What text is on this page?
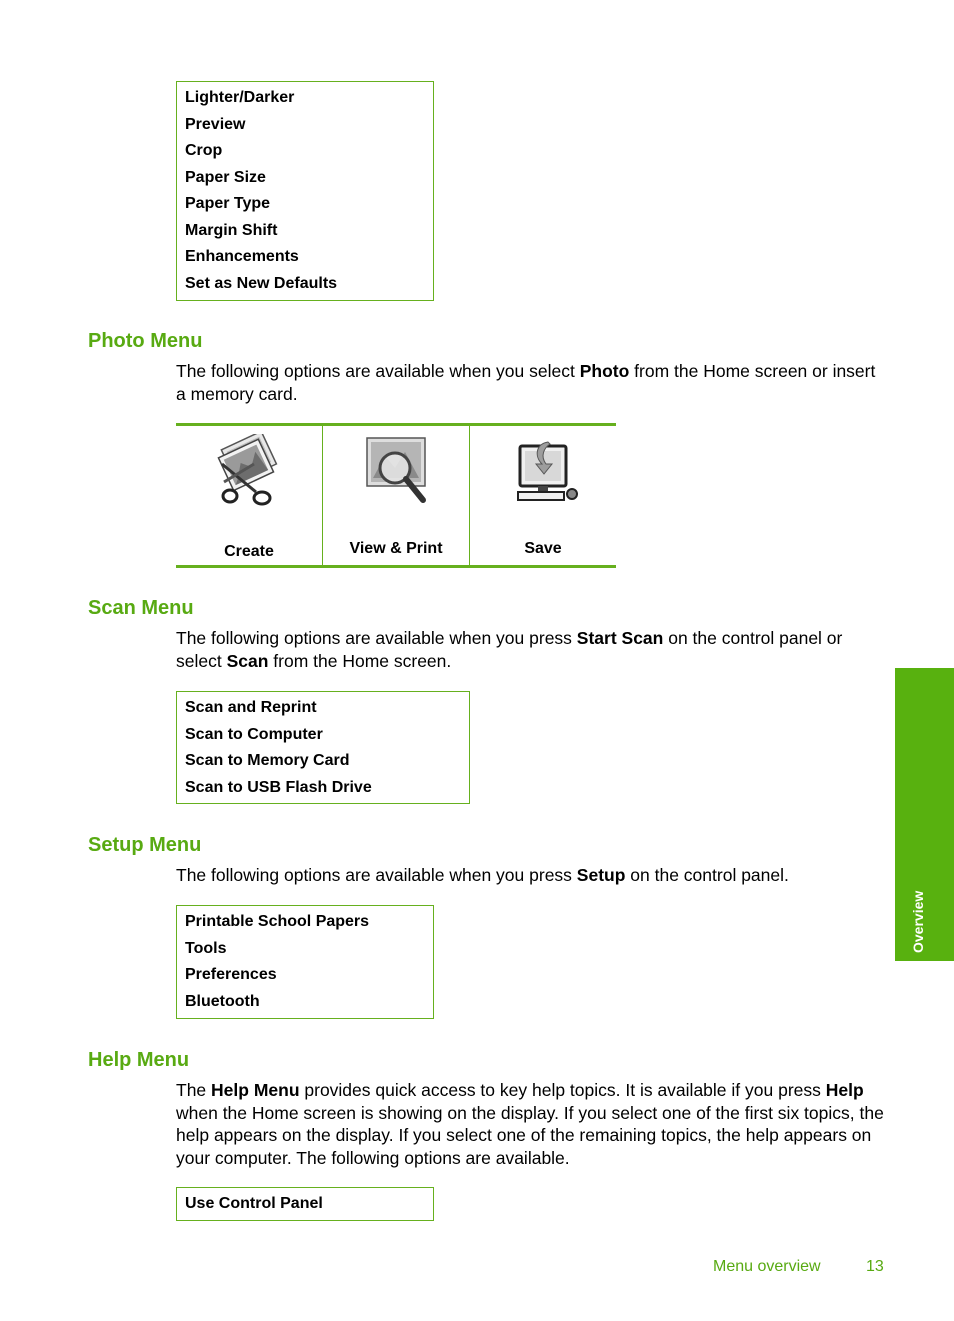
Lighter/Darker
Preview
Crop
Paper Size
Paper Type
Margin Shift
Enhancements
Set as New Defaults
Photo Menu
The following options are available when you select Photo from the Home screen or insert a memory card.
Create	View & Print	Save
Scan Menu
The following options are available when you press Start Scan on the control panel or select Scan from the Home screen.
Scan and Reprint
Scan to Computer
Scan to Memory Card
Scan to USB Flash Drive
Setup Menu
The following options are available when you press Setup on the control panel.
Printable School Papers
Tools
Preferences
Bluetooth
Help Menu
The Help Menu provides quick access to key help topics. It is available if you press Help when the Home screen is showing on the display. If you select one of the first six topics, the help appears on the display. If you select one of the remaining topics, the help appears on your computer. The following options are available.
Use Control Panel
Overview
Menu overview	13
